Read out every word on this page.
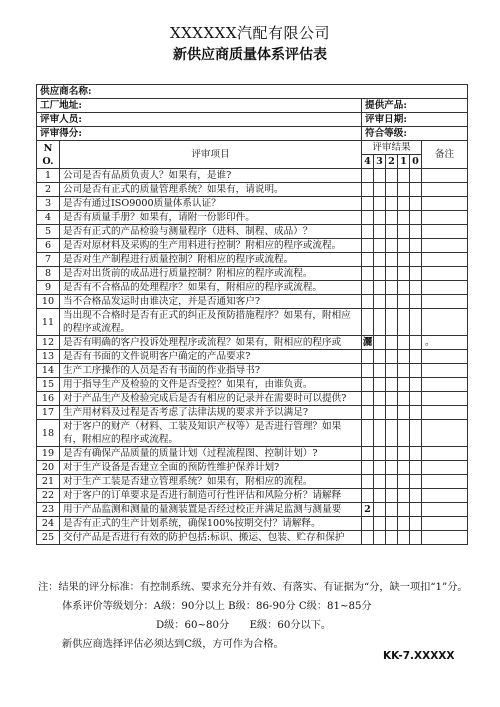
XXXXXX汽配有限公司
新供应商质量体系评估表
供应商名称:							
工厂地址:		提供产品:					
评审人员:		评审日期:					
评审得分:		符合等级:					
N O.	评审项目	评审结果					备注
		4	3	2	1	0	
1	公司是否有品质负责人？如果有，是谁?						
2	公司是否有正式的质量管理系统？如果有，请说明。						
3	是否有通过ISO9000质量体系认证？						
4	是否有质量手册？如果有，请附一份影印件。						
5	是否有正式的产品检验与测量程序（进料、制程、成品）？						
6	是否对原材料及采购的生产用料进行控制？附相应的程序或流程。						
7	是否对生产制程进行质量控制？附相应的程序或流程。						
8	是否对出货前的成品进行质量控制？附相应的程序或流程。						
9	是否有不合格品的处理程序？如果有，附相应的程序或流程。						
10	当不合格品发运时由谁决定，并是否通知客户?						
11	当出现不合格时是否有正式的纠正及预防措施程序？如果有，附相应的程序或流程。						
12	是否有明确的客户投诉处理程序或流程？如果有，附相应的程序或	灑					。
13	是否有书面的文件说明客户确定的产品要求?						
14	生产工序操作的人员是否有书面的作业指导书?						
15	用于指导生产及检验的文件是否受控？如果有，由谁负责。						
16	对于产品生产及检验完成后是否有相应的记录并在需要时可以提供?						
17	生产用材料及过程是否考虑了法律法规的要求并予以满足?						
18	对于客户的财产（材料、工装及知识产权等）是否进行管理？如果有，附相应的程序或流程。						
19	是否有确保产品质量的质量计划（过程流程图、控制计划）?						
20	对于生产设备是否建立全面的预防性维护保养计划?						
21	对于生产工装是否建立管理系统？如果有，附相应的流程。						
22	对于客户的订单要求是否进行制造可行性评估和风险分析？请解释						
23	用于产品监测和测量的量测装置是否经过校正并满足监测与测量要	2					
24	是否有正式的生产计划系统，确保100%按期交付？请解释。						
25	交付产品是否进行有效的防护包括:标识、搬运、包装、贮存和保护						
注：结果的评分标准：有控制系统、要求充分并有效、有落实、有证据为“分，缺一项扣“1”分。
体系评价等级划分：A级：90分以上 B级：86-90分 C级：81~85分
D级：60~80分　　E级：60分以下。
新供应商选择评估必须达到C级，方可作为合格。
KK-7.XXXXX
